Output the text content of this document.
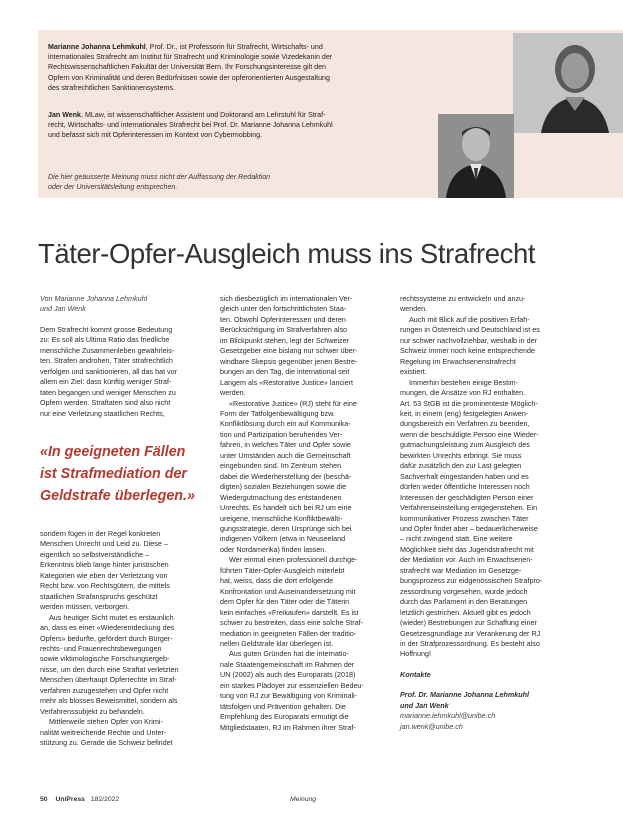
Marianne Johanna Lehmkuhl, Prof. Dr., ist Professorin für Strafrecht, Wirtschafts- und

internationales Strafrecht am Institut für Strafrecht und Kriminologie sowie Vizedekanin der

Rechtswissenschaftlichen Fakultät der Universität Bern. Ihr Forschungsinteresse gilt den

Opfern von Kriminalität und deren Bedürfnissen sowie der opferorientierten Ausgestaltung

des strafrechtlichen Sanktionensystems.

Jan Wenk, MLaw, ist wissenschaftlicher Assistent und Doktorand am Lehrstuhl für Straf-

recht, Wirtschafts- und internationales Strafrecht bei Prof. Dr. Marianne Johanna Lehmkuhl

und befasst sich mit Opferinteressen im Kontext von Cybermobbing.

Die hier geäusserte Meinung muss nicht der Auffassung der Redaktion

oder der Universitätsleitung entsprechen.

Täter-Opfer-Ausgleich muss ins Strafrecht

Von Marianne Johanna Lehmkuhl

und Jan Wenk

Dem Strafrecht kommt grosse Bedeutung

zu: Es soll als Ultima Ratio das friedliche

menschliche Zusammenleben gewährleis-

ten. Strafen androhen, Täter strafrechtlich

verfolgen und sanktionieren, all das hat vor

allem ein Ziel: dass künftig weniger Straf-

taten begangen und weniger Menschen zu

Opfern werden. Straftaten sind also nicht

nur eine Verletzung staatlichen Rechts,

«In geeigneten Fällen

ist Strafmediation der

Geldstrafe überlegen.»

sondern fügen in der Regel konkreten

Menschen Unrecht und Leid zu. Diese –

eigentlich so selbstverständliche –

Erkenntnis blieb lange hinter juristischen

Kategorien wie eben der Verletzung von

Recht bzw. von Rechtsgütern, die mittels

staatlichen Strafanspruchs geschützt

werden müssen, verborgen.

Aus heutiger Sicht mutet es erstaunlich

an, dass es einer «Wiederentdeckung des

Opfers» bedurfte, gefördert durch Bürger-

rechts- und Frauenrechtsbewegungen

sowie viktimologische Forschungsergeb-

nisse, um den durch eine Straftat verletzten

Menschen überhaupt Opferrechte im Straf-

verfahren zuzugestehen und Opfer nicht

mehr als blosses Beweismittel, sondern als

Verfahrenssubjekt zu behandeln.

Mittlerweile stehen Opfer von Krimi-

nalität weitreichende Rechte und Unter-

stützung zu. Gerade die Schweiz befindet

sich diesbezüglich im internationalen Ver-

gleich unter den fortschrittlichsten Staa-

ten. Obwohl Opferinteressen und deren

Berücksichtigung im Strafverfahren also

im Blickpunkt stehen, legt der Schweizer

Gesetzgeber eine bislang nur schwer über-

windbare Skepsis gegenüber jenen Bestre-

bungen an den Tag, die international seit

Langem als «Restorative Justice» lanciert

werden.

«Restorative Justice» (RJ) steht für eine

Form der Tatfolgenbewältigung bzw.

Konfliktlösung durch ein auf Kommunika-

tion und Partizipation beruhendes Ver-

fahren, in welches Täter und Opfer sowie

unter Umständen auch die Gemeinschaft

eingebunden sind. Im Zentrum stehen

dabei die Wiederherstellung der (beschä-

digten) sozialen Beziehungen sowie die

Wiedergutmachung des entstandenen

Unrechts. Es handelt sich bei RJ um eine

ureigene, menschliche Konfliktbewälti-

gungsstrategie, deren Ursprünge sich bei

indigenen Völkern (etwa in Neuseeland

oder Nordamerika) finden lassen.

Wer einmal einen professionell durchge-

führten Täter-Opfer-Ausgleich miterlebt

hat, weiss, dass die dort erfolgende

Konfrontation und Auseinandersetzung mit

dem Opfer für den Täter oder die Täterin

kein einfaches «Freikaufen» darstellt. Es ist

schwer zu bestreiten, dass eine solche Straf-

mediation in geeigneten Fällen der traditio-

nellen Geldstrafe klar überlegen ist.

Aus guten Gründen hat die internatio-

nale Staatengemeinschaft im Rahmen der

UN (2002) als auch des Europarats (2018)

ein starkes Plädoyer zur essenziellen Bedeu-

tung von RJ zur Bewältigung von Kriminali-

tätsfolgen und Prävention gehalten. Die

Empfehlung des Europarats ermutigt die

Mitgliedstaaten, RJ im Rahmen ihrer Straf-

rechtssysteme zu entwickeln und anzu-

wenden.

Auch mit Blick auf die positiven Erfah-

rungen in Österreich und Deutschland ist es

nur schwer nachvollziehbar, weshalb in der

Schweiz immer noch keine entsprechende

Regelung im Erwachsenenstrafrecht

existiert.

Immerhin bestehen einige Bestim-

mungen, die Ansätze von RJ enthalten.

Art. 53 StGB ist die prominenteste Möglich-

keit, in einem (eng) festgelegten Anwen-

dungsbereich ein Verfahren zu beenden,

wenn die beschuldigte Person eine Wieder-

gutmachungsleistung zum Ausgleich des

bewirkten Unrechts erbringt. Sie muss

dafür zusätzlich den zur Last gelegten

Sachverhalt eingestanden haben und es

dürfen weder öffentliche Interessen noch

Interessen der geschädigten Person einer

Verfahrenseinstellung entgegenstehen. Ein

kommunikativer Prozess zwischen Täter

und Opfer findet aber – bedauerlicherweise

– nicht zwingend statt. Eine weitere

Möglichkeit sieht das Jugendstrafrecht mit

der Mediation vor. Auch im Erwachsenen-

strafrecht war Mediation im Gesetzge-

bungsprozess zur eidgenössischen Strafpro-

zessordnung vorgesehen, wurde jedoch

durch das Parlament in den Beratungen

letztlich gestrichen. Aktuell gibt es jedoch

(wieder) Bestrebungen zur Schaffung einer

Gesetzesgrundlage zur Verankerung der RJ

in der Strafprozessordnung. Es besteht also

Hoffnung!

Kontakte

Prof. Dr. Marianne Johanna Lehmkuhl

und Jan Wenk

marianne.lehmkuhl@unibe.ch

jan.wenk@unibe.ch

50 UniPress 182/2022	Meinung
